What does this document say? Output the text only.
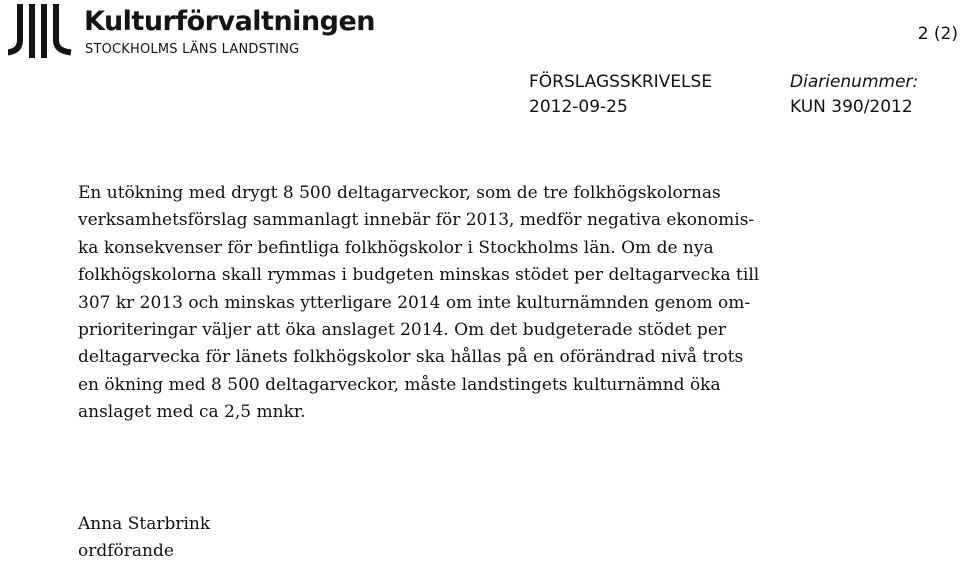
Kulturförvaltningen
STOCKHOLMS LÄNS LANDSTING
2 (2)
FÖRSLAGSSKRIVELSE
2012-09-25
Diarienummer:
KUN 390/2012
En utökning med drygt 8 500 deltagarveckor, som de tre folkhögskolornas
verksamhetsförslag sammanlagt innebär för 2013, medför negativa ekonomis-
ka konsekvenser för befintliga folkhögskolor i Stockholms län. Om de nya
folkhögskolorna skall rymmas i budgeten minskas stödet per deltagarvecka till
307 kr 2013 och minskas ytterligare 2014 om inte kulturnämnden genom om-
prioriteringar väljer att öka anslaget 2014. Om det budgeterade stödet per
deltagarvecka för länets folkhögskolor ska hållas på en oförändrad nivå trots
en ökning med 8 500 deltagarveckor, måste landstingets kulturnämnd öka
anslaget med ca 2,5 mnkr.
Anna Starbrink
ordförande
